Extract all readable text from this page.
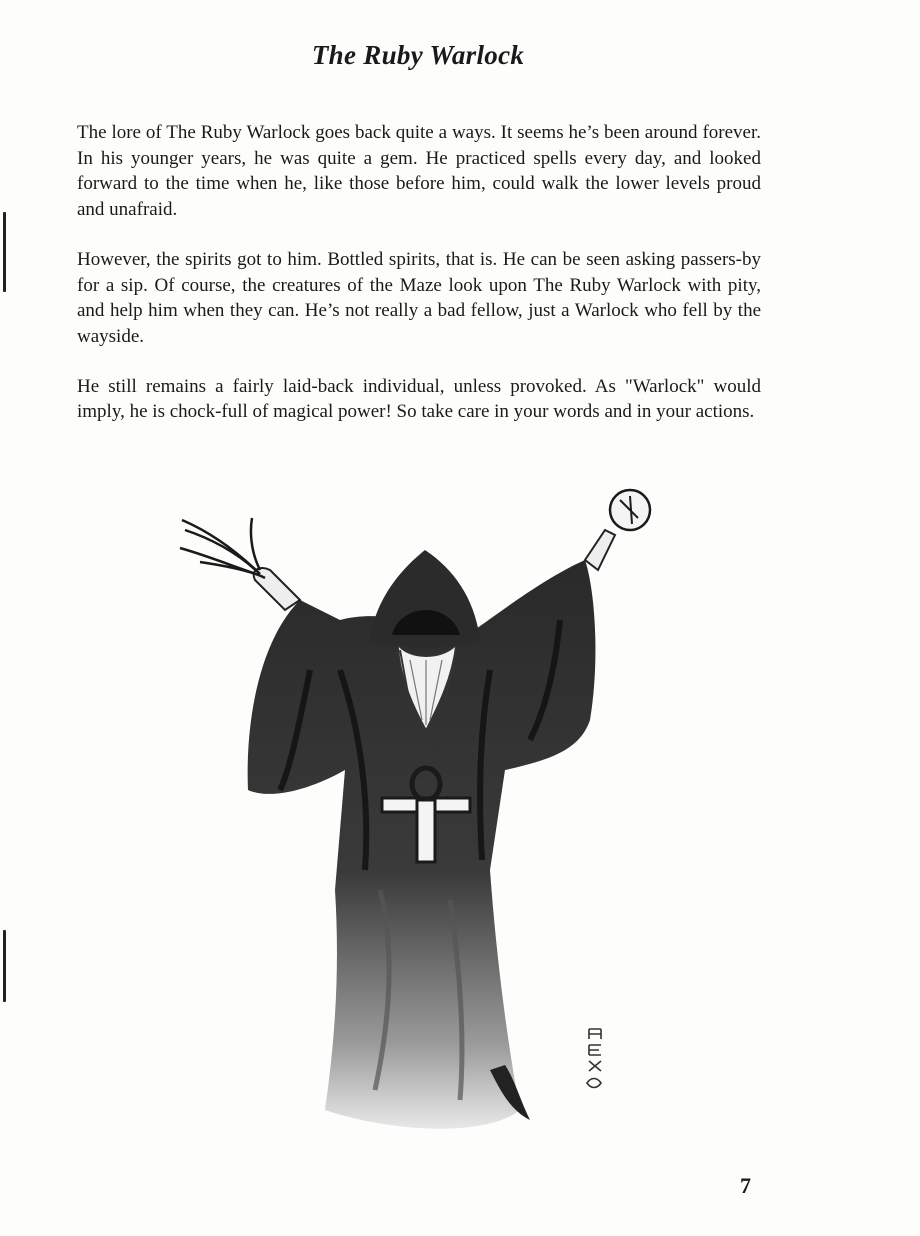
The Ruby Warlock

The lore of The Ruby Warlock goes back quite a ways. It seems he’s been around forever. In his younger years, he was quite a gem. He practiced spells every day, and looked forward to the time when he, like those before him, could walk the lower levels proud and unafraid.

However, the spirits got to him. Bottled spirits, that is. He can be seen asking passers-by for a sip. Of course, the creatures of the Maze look upon The Ruby Warlock with pity, and help him when they can. He’s not really a bad fellow, just a Warlock who fell by the wayside.

He still remains a fairly laid-back individual, unless provoked. As "Warlock" would imply, he is chock-full of magical power! So take care in your words and in your actions.

7
